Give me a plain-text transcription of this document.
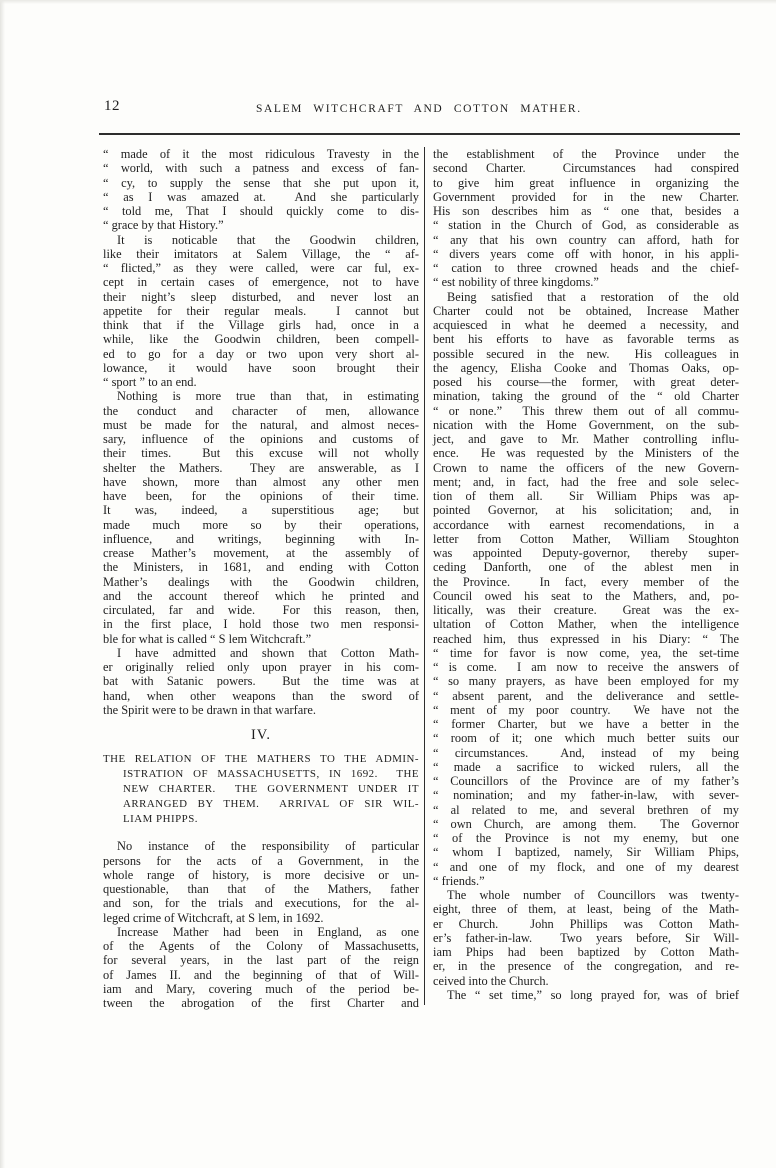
12	SALEM WITCHCRAFT AND COTTON MATHER.
“ made of it the most ridiculous Travesty in the
“ world, with such a patness and excess of fan-
“ cy, to supply the sense that she put upon it,
“ as I was amazed at.  And she particularly
“ told me, That I should quickly come to dis-
“ grace by that History.”
It is noticable that the Goodwin children,
like their imitators at Salem Village, the “ af-
“ flicted,” as they were called, were car ful, ex-
cept in certain cases of emergence, not to have
their night’s sleep disturbed, and never lost an
appetite for their regular meals.  I cannot but
think that if the Village girls had, once in a
while, like the Goodwin children, been compell-
ed to go for a day or two upon very short al-
lowance, it would have soon brought their
“ sport ” to an end.
Nothing is more true than that, in estimating
the conduct and character of men, allowance
must be made for the natural, and almost neces-
sary, influence of the opinions and customs of
their times.  But this excuse will not wholly
shelter the Mathers.  They are answerable, as I
have shown, more than almost any other men
have been, for the opinions of their time.
It was, indeed, a superstitious age; but
made much more so by their operations,
influence, and writings, beginning with In-
crease Mather’s movement, at the assembly of
the Ministers, in 1681, and ending with Cotton
Mather’s dealings with the Goodwin children,
and the account thereof which he printed and
circulated, far and wide.  For this reason, then,
in the first place, I hold those two men responsi-
ble for what is called “ S lem Witchcraft.”
I have admitted and shown that Cotton Math-
er originally relied only upon prayer in his com-
bat with Satanic powers.  But the time was at
hand, when other weapons than the sword of
the Spirit were to be drawn in that warfare.
IV.
THE RELATION OF THE MATHERS TO THE ADMIN-
ISTRATION OF MASSACHUSETTS, IN 1692.  THE
NEW CHARTER.  THE GOVERNMENT UNDER IT
ARRANGED BY THEM.  ARRIVAL OF SIR WIL-
LIAM PHIPPS.
No instance of the responsibility of particular
persons for the acts of a Government, in the
whole range of history, is more decisive or un-
questionable, than that of the Mathers, father
and son, for the trials and executions, for the al-
leged crime of Witchcraft, at S lem, in 1692.
Increase Mather had been in England, as one
of the Agents of the Colony of Massachusetts,
for several years, in the last part of the reign
of James II. and the beginning of that of Will-
iam and Mary, covering much of the period be-
tween the abrogation of the first Charter and
the establishment of the Province under the
second Charter.  Circumstances had conspired
to give him great influence in organizing the
Government provided for in the new Charter.
His son describes him as “ one that, besides a
“ station in the Church of God, as considerable as
“ any that his own country can afford, hath for
“ divers years come off with honor, in his appli-
“ cation to three crowned heads and the chief-
“ est nobility of three kingdoms.”
Being satisfied that a restoration of the old
Charter could not be obtained, Increase Mather
acquiesced in what he deemed a necessity, and
bent his efforts to have as favorable terms as
possible secured in the new.  His colleagues in
the agency, Elisha Cooke and Thomas Oaks, op-
posed his course—the former, with great deter-
mination, taking the ground of the “ old Charter
“ or none.”  This threw them out of all commu-
nication with the Home Government, on the sub-
ject, and gave to Mr. Mather controlling influ-
ence.  He was requested by the Ministers of the
Crown to name the officers of the new Govern-
ment; and, in fact, had the free and sole selec-
tion of them all.  Sir William Phips was ap-
pointed Governor, at his solicitation; and, in
accordance with earnest recomendations, in a
letter from Cotton Mather, William Stoughton
was appointed Deputy-governor, thereby super-
ceding Danforth, one of the ablest men in
the Province.  In fact, every member of the
Council owed his seat to the Mathers, and, po-
litically, was their creature.  Great was the ex-
ultation of Cotton Mather, when the intelligence
reached him, thus expressed in his Diary: “ The
“ time for favor is now come, yea, the set-time
“ is come.  I am now to receive the answers of
“ so many prayers, as have been employed for my
“ absent parent, and the deliverance and settle-
“ ment of my poor country.  We have not the
“ former Charter, but we have a better in the
“ room of it; one which much better suits our
“ circumstances.  And, instead of my being
“ made a sacrifice to wicked rulers, all the
“ Councillors of the Province are of my father’s
“ nomination; and my father-in-law, with sever-
“ al related to me, and several brethren of my
“ own Church, are among them.  The Governor
“ of the Province is not my enemy, but one
“ whom I baptized, namely, Sir William Phips,
“ and one of my flock, and one of my dearest
“ friends.”
The whole number of Councillors was twenty-
eight, three of them, at least, being of the Math-
er Church.  John Phillips was Cotton Math-
er’s father-in-law.  Two years before, Sir Will-
iam Phips had been baptized by Cotton Math-
er, in the presence of the congregation, and re-
ceived into the Church.
The “ set time,” so long prayed for, was of brief
